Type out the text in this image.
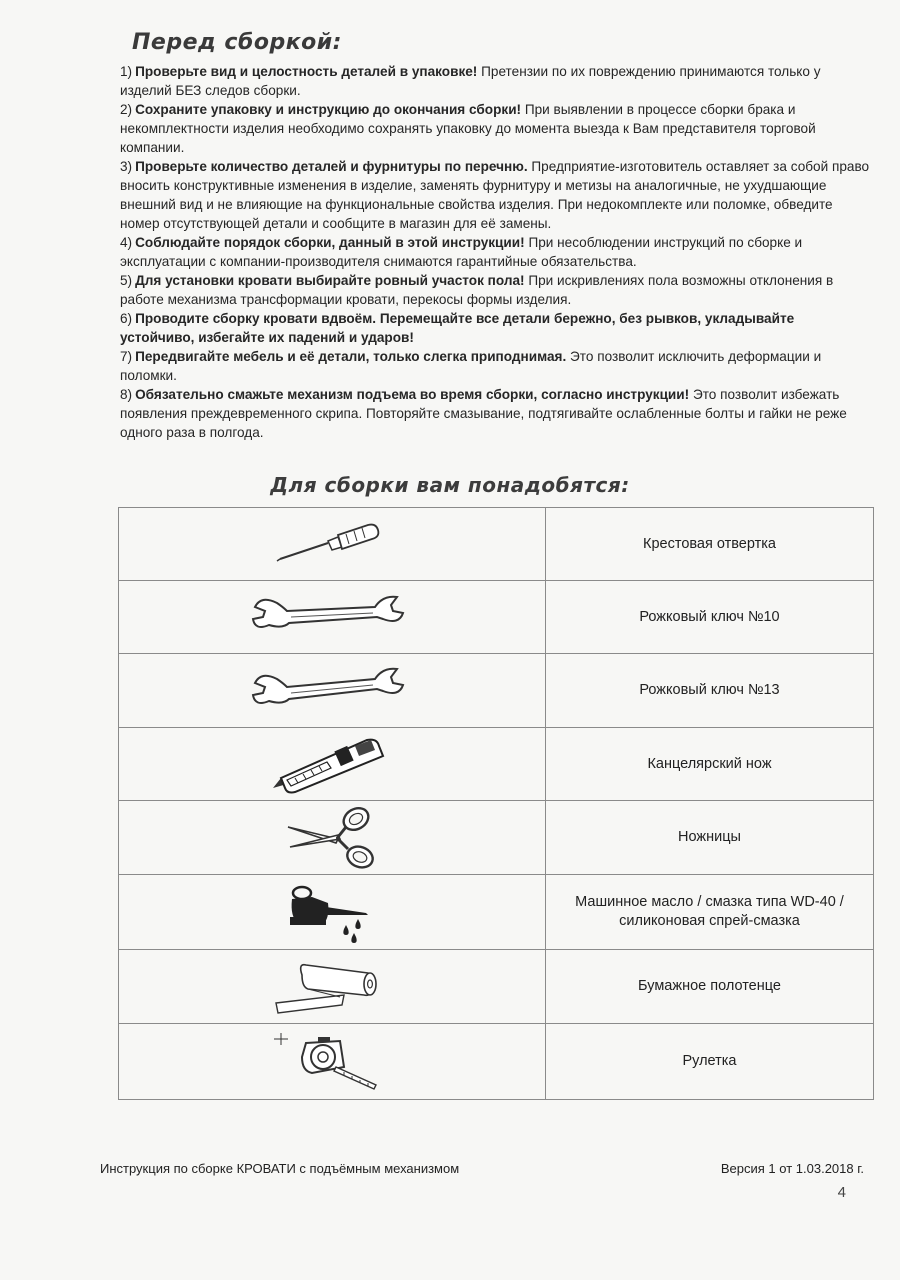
Перед сборкой:

1) Проверьте вид и целостность деталей в упаковке! Претензии по их повреждению принимаются только у изделий БЕЗ следов сборки.

2) Сохраните упаковку и инструкцию до окончания сборки! При выявлении в процессе сборки брака и некомплектности изделия необходимо сохранять упаковку до момента выезда к Вам представителя торговой компании.

3) Проверьте количество деталей и фурнитуры по перечню. Предприятие-изготовитель оставляет за собой право вносить конструктивные изменения в изделие, заменять фурнитуру и метизы на аналогичные, не ухудшающие внешний вид и не влияющие на функциональные свойства изделия. При недокомплекте или поломке, обведите номер отсутствующей детали и сообщите в магазин для её замены.

4) Соблюдайте порядок сборки, данный в этой инструкции! При несоблюдении инструкций по сборке и эксплуатации с компании-производителя снимаются гарантийные обязательства.

5) Для установки кровати выбирайте ровный участок пола! При искривлениях пола возможны отклонения в работе механизма трансформации кровати, перекосы формы изделия.

6) Проводите сборку кровати вдвоём. Перемещайте все детали бережно, без рывков, укладывайте устойчиво, избегайте их падений и ударов!

7) Передвигайте мебель и её детали, только слегка приподнимая. Это позволит исключить деформации и поломки.

8) Обязательно смажьте механизм подъема во время сборки, согласно инструкции! Это позволит избежать появления преждевременного скрипа. Повторяйте смазывание, подтягивайте ослабленные болты и гайки не реже одного раза в полгода.

Для сборки вам понадобятся:
	Крестовая отвертка

	Рожковый ключ №10

	Рожковый ключ №13

	Канцелярский нож

	Ножницы

	Машинное масло / смазка типа WD-40 / силиконовая спрей-смазка

	Бумажное полотенце

	Рулетка
Инструкция по сборке КРОВАТИ с подъёмным механизмом	Версия 1 от 1.03.2018 г.
4
